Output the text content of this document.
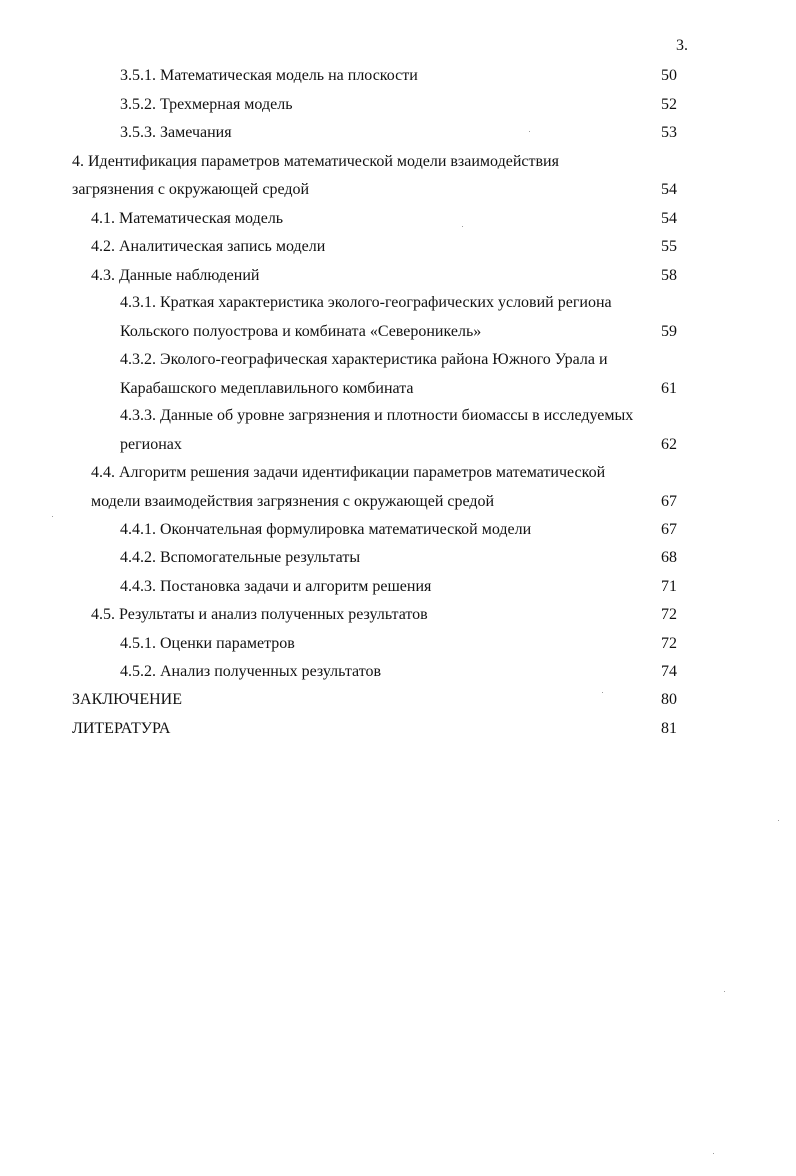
3.
3.5.1. Математическая модель на плоскости	50
3.5.2. Трехмерная модель	52
3.5.3. Замечания	53
4. Идентификация параметров математической модели взаимодействия
загрязнения с окружающей средой	54
4.1. Математическая модель	54
4.2. Аналитическая запись модели	55
4.3. Данные наблюдений	58
4.3.1. Краткая характеристика эколого-географических условий региона
Кольского полуострова и комбината «Североникель»	59
4.3.2. Эколого-географическая характеристика района Южного Урала и
Карабашского медеплавильного комбината	61
4.3.3. Данные об уровне загрязнения и плотности биомассы в исследуемых
регионах	62
4.4. Алгоритм решения задачи идентификации параметров математической
модели взаимодействия загрязнения с окружающей средой	67
4.4.1. Окончательная формулировка математической модели	67
4.4.2. Вспомогательные результаты	68
4.4.3. Постановка задачи и алгоритм решения	71
4.5. Результаты и анализ полученных результатов	72
4.5.1. Оценки параметров	72
4.5.2. Анализ полученных результатов	74
ЗАКЛЮЧЕНИЕ	80
ЛИТЕРАТУРА	81
